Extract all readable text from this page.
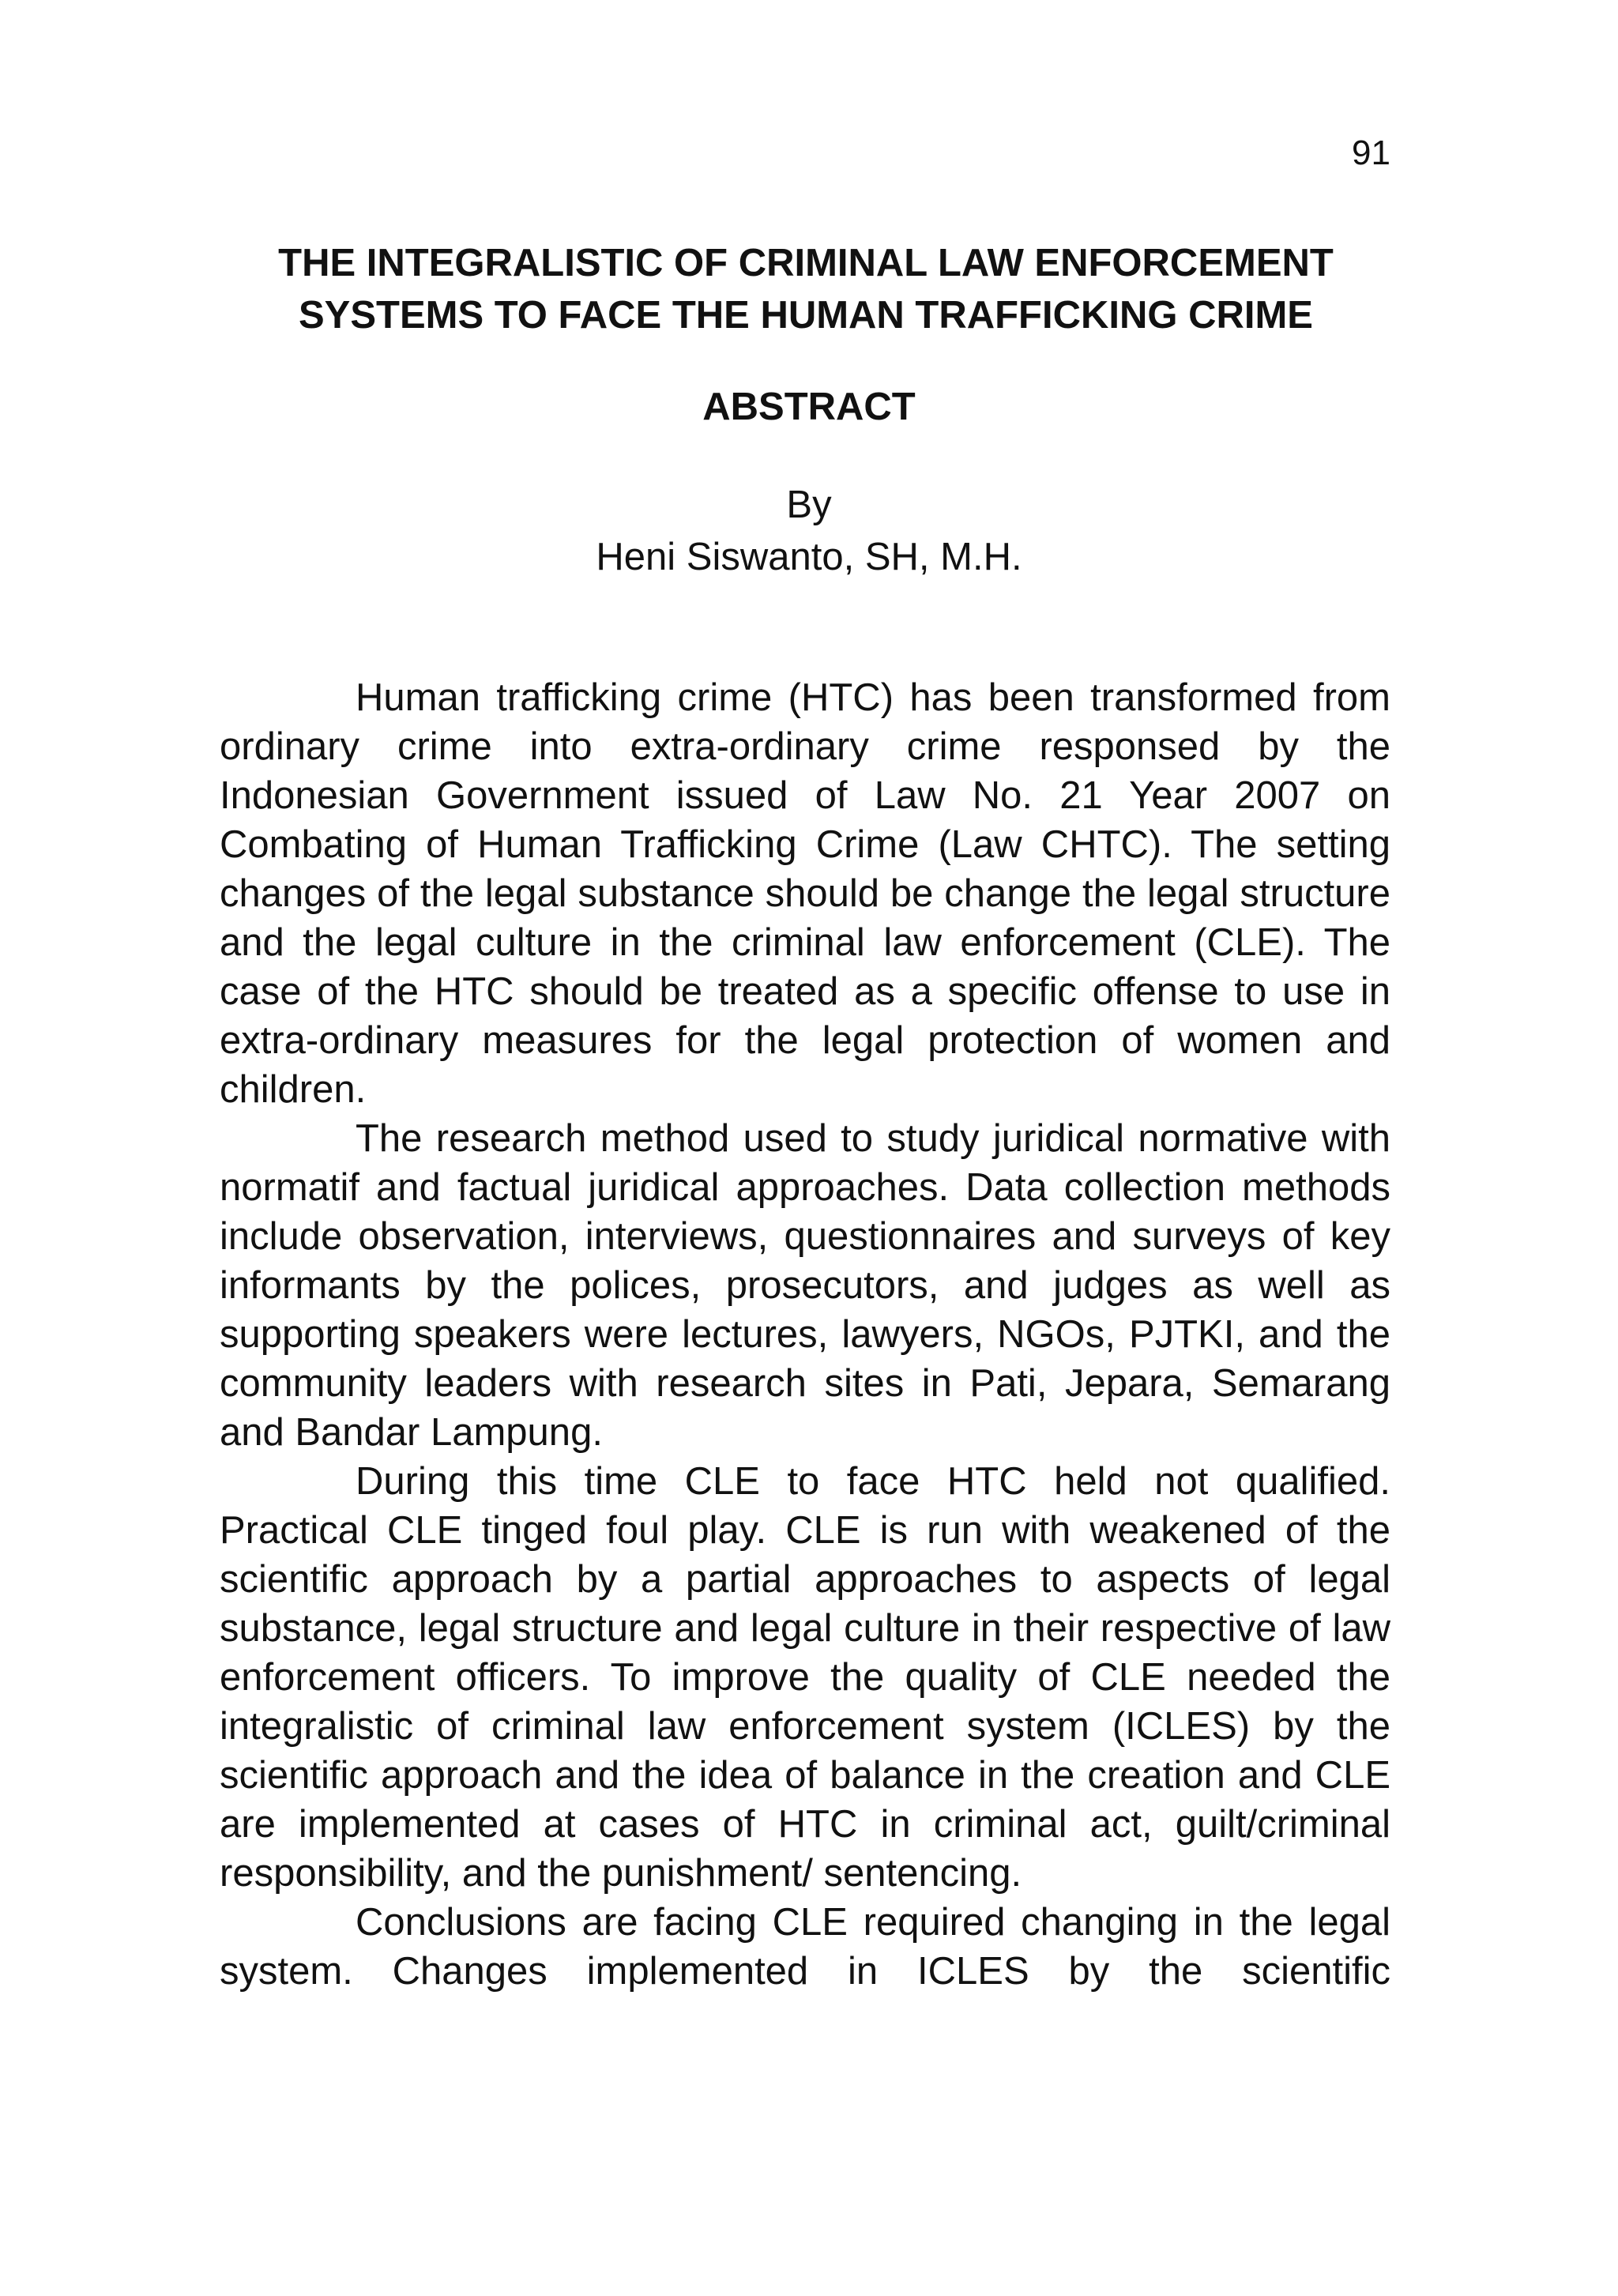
91
THE INTEGRALISTIC OF CRIMINAL LAW ENFORCEMENT
SYSTEMS TO FACE THE HUMAN TRAFFICKING CRIME
ABSTRACT
By
Heni Siswanto, SH, M.H.

Human trafficking crime (HTC) has been transformed from ordinary crime into extra-ordinary crime responsed by the Indonesian Government issued of Law No. 21 Year 2007 on Combating of Human Trafficking Crime (Law CHTC). The setting changes of the legal substance should be change the legal structure and the legal culture in the criminal law enforcement (CLE). The case of the HTC should be treated as a specific offense to use in extra-ordinary measures for the legal protection of women and children.

The research method used to study juridical normative with normatif and factual juridical approaches. Data collection methods include observation, interviews, questionnaires and surveys of key informants by the polices, prosecutors, and judges as well as supporting speakers were lectures, lawyers, NGOs, PJTKI, and the community leaders with research sites in Pati, Jepara, Semarang and Bandar Lampung.

During this time CLE to face HTC held not qualified. Practical CLE tinged foul play. CLE is run with weakened of the scientific approach by a partial approaches to aspects of legal substance, legal structure and legal culture in their respective of law enforcement officers. To improve the quality of CLE needed the integralistic of criminal law enforcement system (ICLES) by the scientific approach and the idea of balance in the creation and CLE are implemented at cases of HTC in criminal act, guilt/criminal responsibility, and the punishment/ sentencing.

Conclusions are facing CLE required changing in the legal system. Changes implemented in ICLES by the scientific
